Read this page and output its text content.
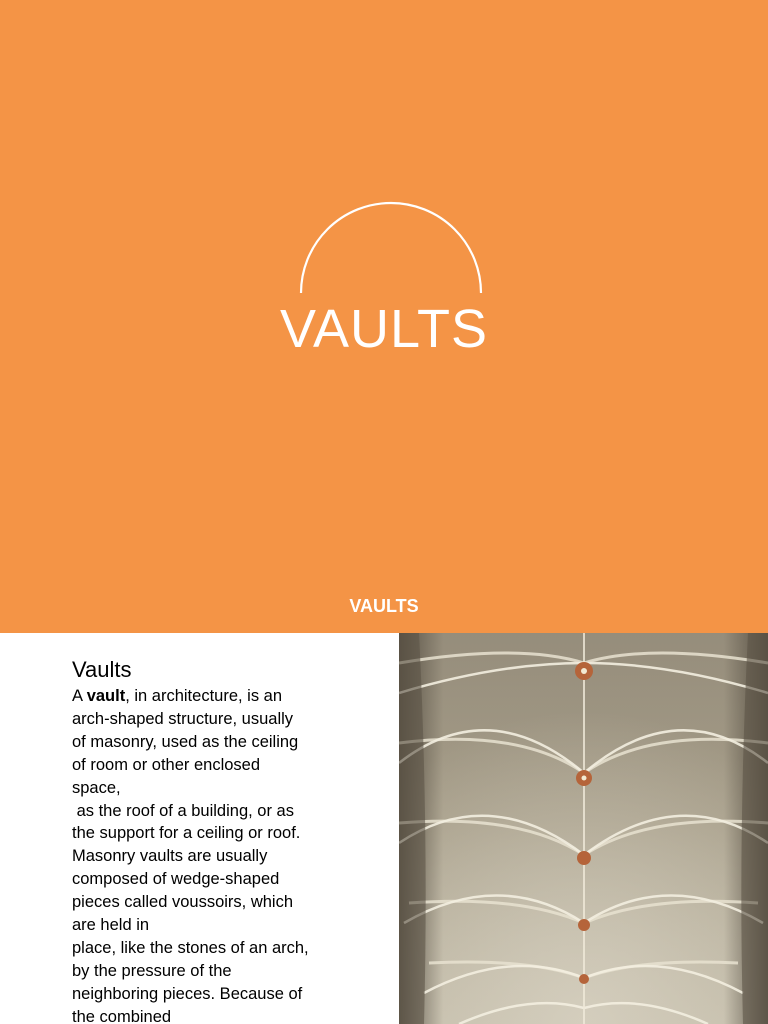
VAULTS
VAULTS
Vaults
A vault, in architecture, is an
arch-shaped structure, usually
of masonry, used as the ceiling
of room or other enclosed
space,
as the roof of a building, or as
the support for a ceiling or roof.
Masonry vaults are usually
composed of wedge-shaped
pieces called voussoirs, which
are held in
place, like the stones of an arch,
by the pressure of the
neighboring pieces. Because of
the combined
